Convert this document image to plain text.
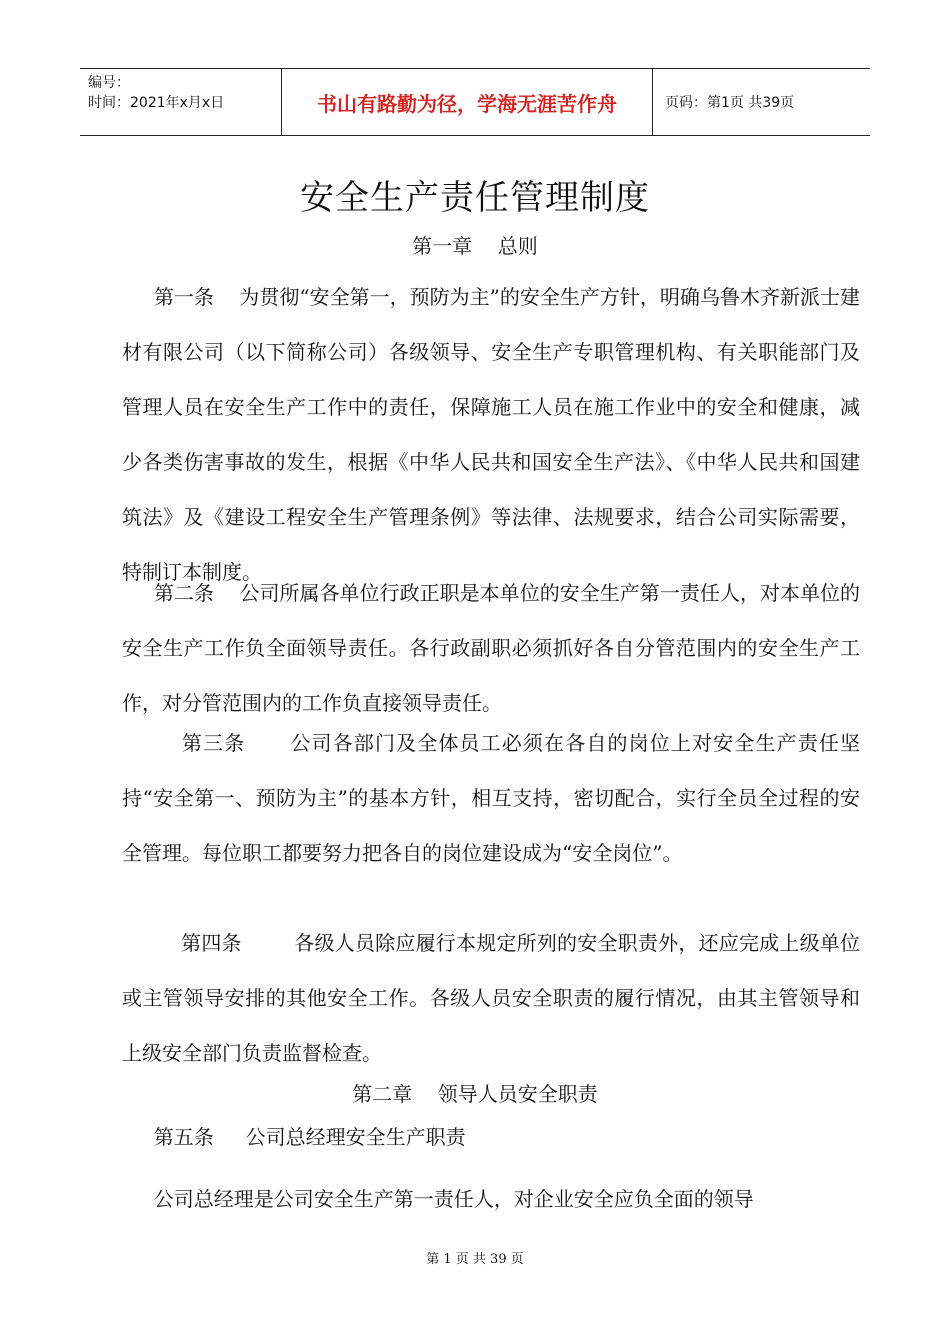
编号：
时间：2021年x月x日	书山有路勤为径，学海无涯苦作舟	页码：第1页 共39页
安全生产责任管理制度
第一章    总则

第一条    为贯彻“安全第一，预防为主”的安全生产方针，明确乌鲁木齐新派士建材有限公司（以下简称公司）各级领导、安全生产专职管理机构、有关职能部门及管理人员在安全生产工作中的责任，保障施工人员在施工作业中的安全和健康，减少各类伤害事故的发生，根据《中华人民共和国安全生产法》、《中华人民共和国建筑法》及《建设工程安全生产管理条例》等法律、法规要求，结合公司实际需要，特制订本制度。

第二条    公司所属各单位行政正职是本单位的安全生产第一责任人，对本单位的安全生产工作负全面领导责任。各行政副职必须抓好各自分管范围内的安全生产工作，对分管范围内的工作负直接领导责任。

第三条      公司各部门及全体员工必须在各自的岗位上对安全生产责任坚持“安全第一、预防为主”的基本方针，相互支持，密切配合，实行全员全过程的安全管理。每位职工都要努力把各自的岗位建设成为“安全岗位”。

第四条        各级人员除应履行本规定所列的安全职责外，还应完成上级单位或主管领导安排的其他安全工作。各级人员安全职责的履行情况，由其主管领导和上级安全部门负责监督检查。

第二章    领导人员安全职责

第五条     公司总经理安全生产职责

公司总经理是公司安全生产第一责任人，对企业安全应负全面的领导

第 1 页 共 39 页
